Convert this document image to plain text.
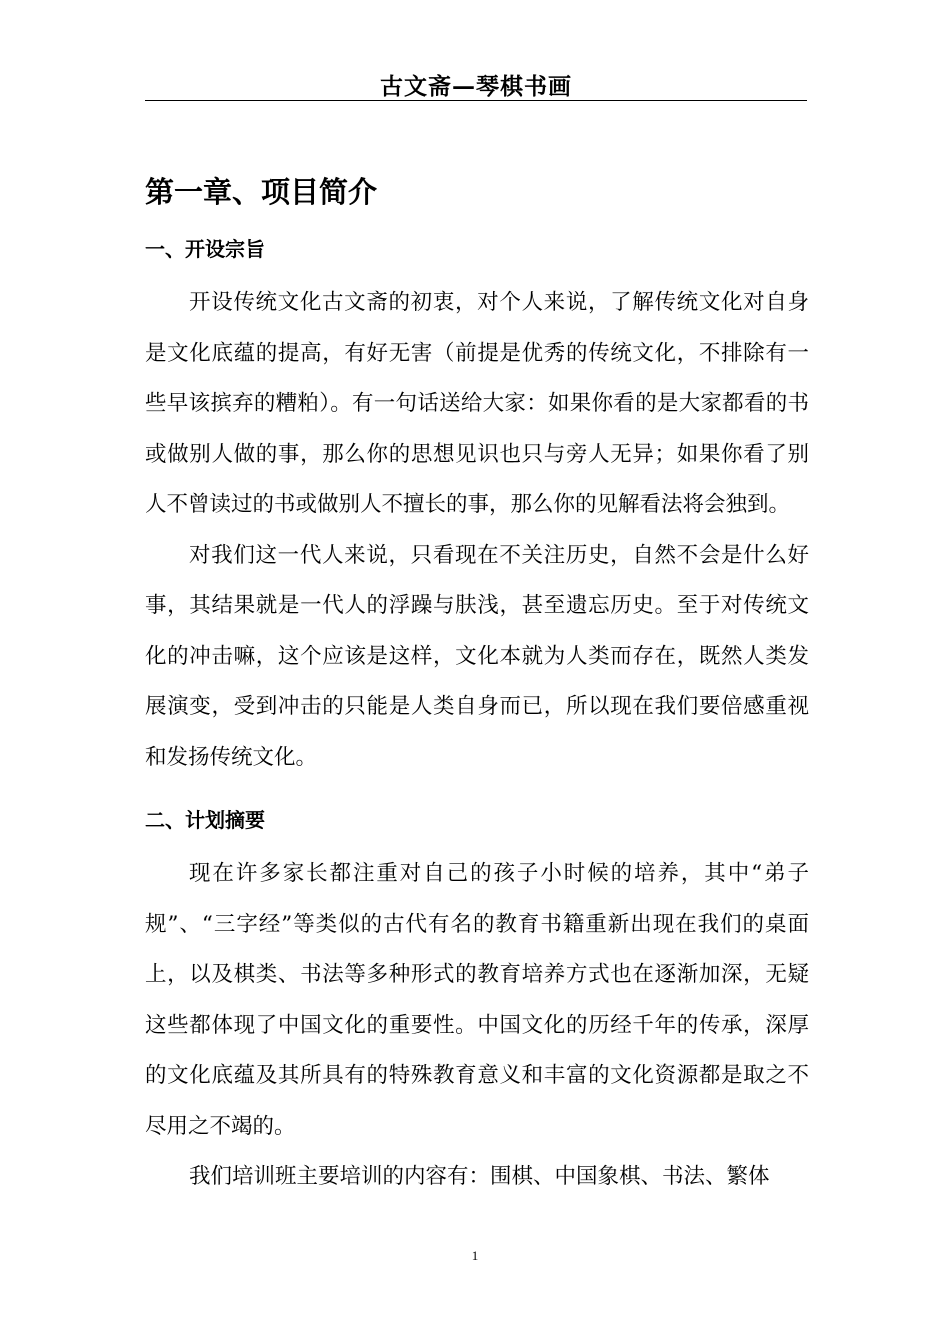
古文斋—琴棋书画
第一章、项目简介
一、开设宗旨

开设传统文化古文斋的初衷，对个人来说，了解传统文化对自身是文化底蕴的提高，有好无害（前提是优秀的传统文化，不排除有一些早该摈弃的糟粕）。有一句话送给大家：如果你看的是大家都看的书或做别人做的事，那么你的思想见识也只与旁人无异；如果你看了别人不曾读过的书或做别人不擅长的事，那么你的见解看法将会独到。

对我们这一代人来说，只看现在不关注历史，自然不会是什么好事，其结果就是一代人的浮躁与肤浅，甚至遗忘历史。至于对传统文化的冲击嘛，这个应该是这样，文化本就为人类而存在，既然人类发展演变，受到冲击的只能是人类自身而已，所以现在我们要倍感重视和发扬传统文化。

二、计划摘要

现在许多家长都注重对自己的孩子小时候的培养，其中“弟子规”、“三字经”等类似的古代有名的教育书籍重新出现在我们的桌面上，以及棋类、书法等多种形式的教育培养方式也在逐渐加深，无疑这些都体现了中国文化的重要性。中国文化的历经千年的传承，深厚的文化底蕴及其所具有的特殊教育意义和丰富的文化资源都是取之不尽用之不竭的。

我们培训班主要培训的内容有：围棋、中国象棋、书法、繁体

1
